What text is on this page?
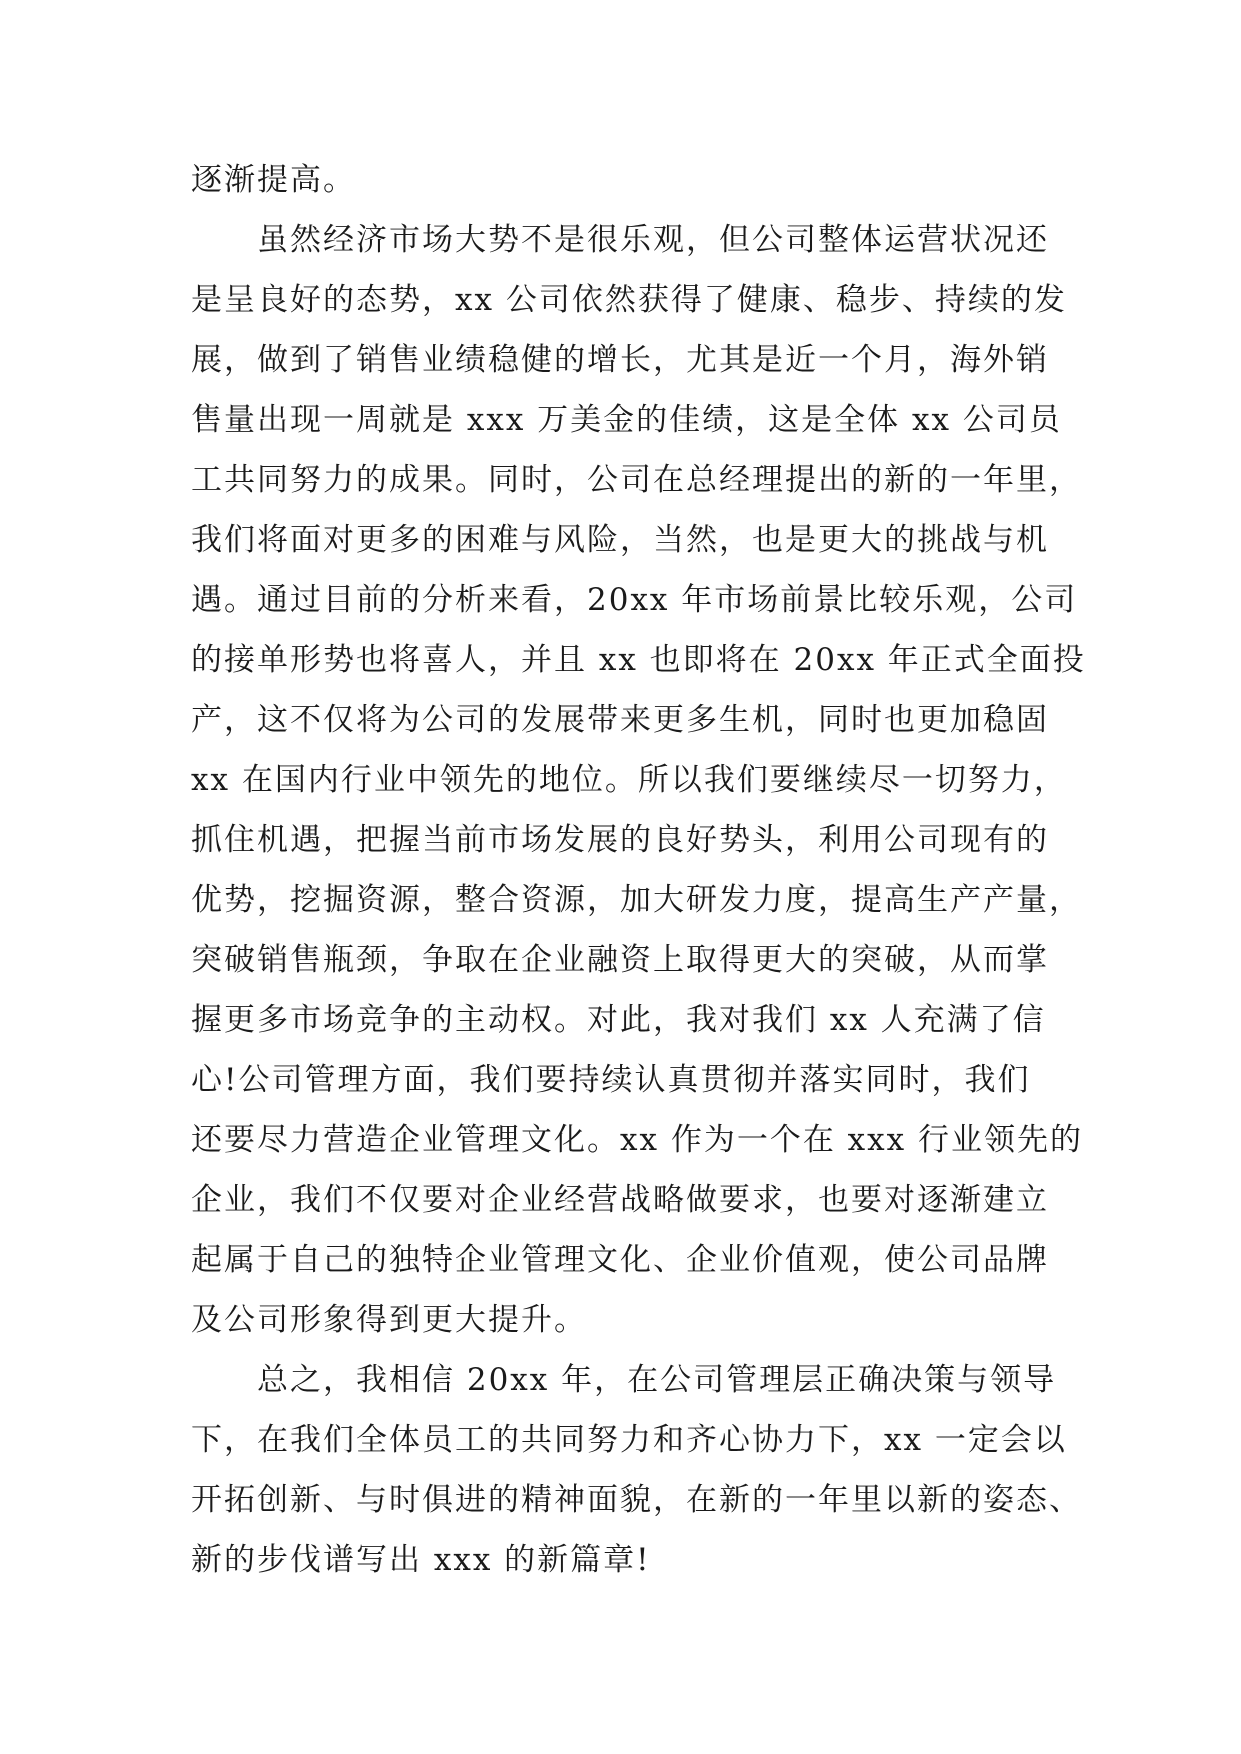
逐渐提高。
虽然经济市场大势不是很乐观，但公司整体运营状况还
是呈良好的态势，xx 公司依然获得了健康、稳步、持续的发
展，做到了销售业绩稳健的增长，尤其是近一个月，海外销
售量出现一周就是 xxx 万美金的佳绩，这是全体 xx 公司员
工共同努力的成果。同时，公司在总经理提出的新的一年里，
我们将面对更多的困难与风险，当然，也是更大的挑战与机
遇。通过目前的分析来看，20xx 年市场前景比较乐观，公司
的接单形势也将喜人，并且 xx 也即将在 20xx 年正式全面投
产，这不仅将为公司的发展带来更多生机，同时也更加稳固
xx 在国内行业中领先的地位。所以我们要继续尽一切努力，
抓住机遇，把握当前市场发展的良好势头，利用公司现有的
优势，挖掘资源，整合资源，加大研发力度，提高生产产量，
突破销售瓶颈，争取在企业融资上取得更大的突破，从而掌
握更多市场竞争的主动权。对此，我对我们 xx 人充满了信
心!公司管理方面，我们要持续认真贯彻并落实同时，我们
还要尽力营造企业管理文化。xx 作为一个在 xxx 行业领先的
企业，我们不仅要对企业经营战略做要求，也要对逐渐建立
起属于自己的独特企业管理文化、企业价值观，使公司品牌
及公司形象得到更大提升。
总之，我相信 20xx 年，在公司管理层正确决策与领导
下，在我们全体员工的共同努力和齐心协力下，xx 一定会以
开拓创新、与时俱进的精神面貌，在新的一年里以新的姿态、
新的步伐谱写出 xxx 的新篇章!
